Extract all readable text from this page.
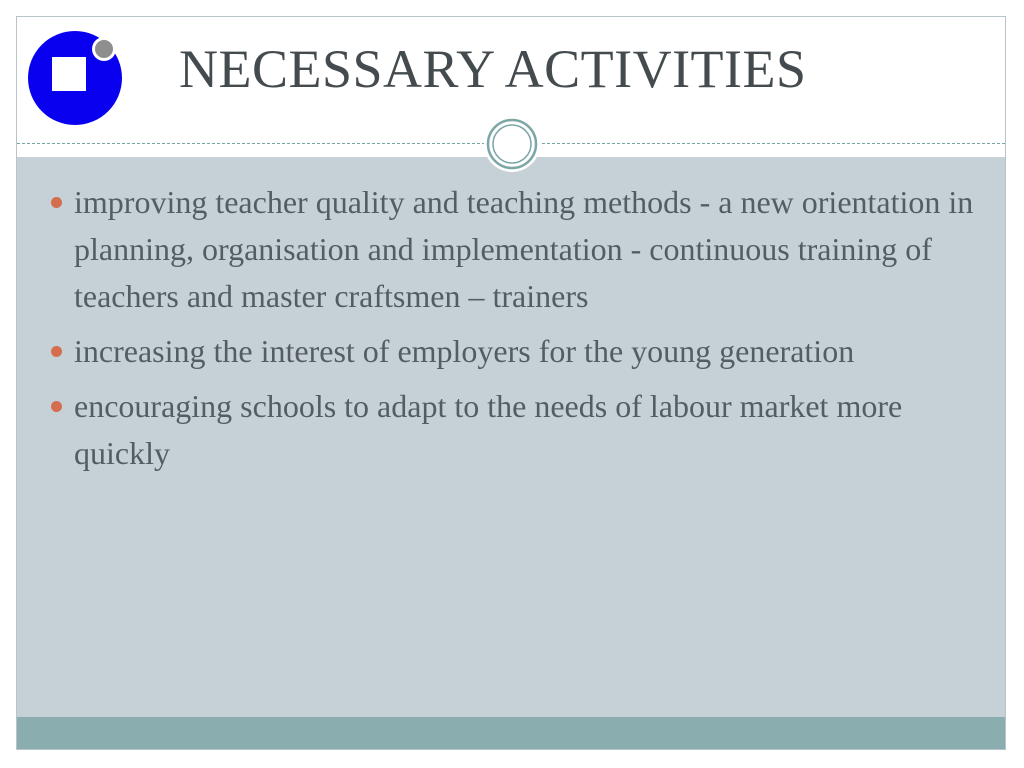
NECESSARY ACTIVITIES
improving teacher quality and teaching methods - a new orientation in planning, organisation and implementation - continuous training of teachers and master craftsmen – trainers
increasing the interest of employers for the young generation
encouraging schools to adapt to the needs of labour market more quickly
